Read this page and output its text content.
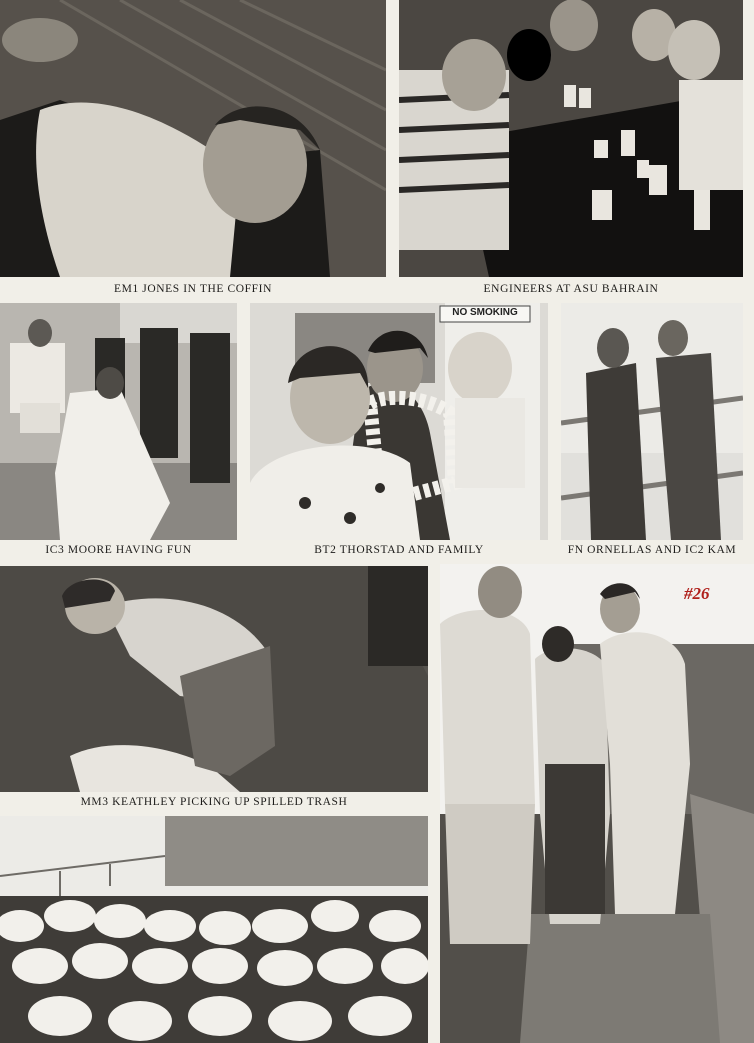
EM1 JONES IN THE COFFIN	ENGINEERS AT ASU BAHRAIN
IC3 MOORE HAVING FUN
NO SMOKING
BT2 THORSTAD AND FAMILY	FN ORNELLAS AND IC2 KAM
MM3 KEATHLEY PICKING UP SPILLED TRASH
#26
